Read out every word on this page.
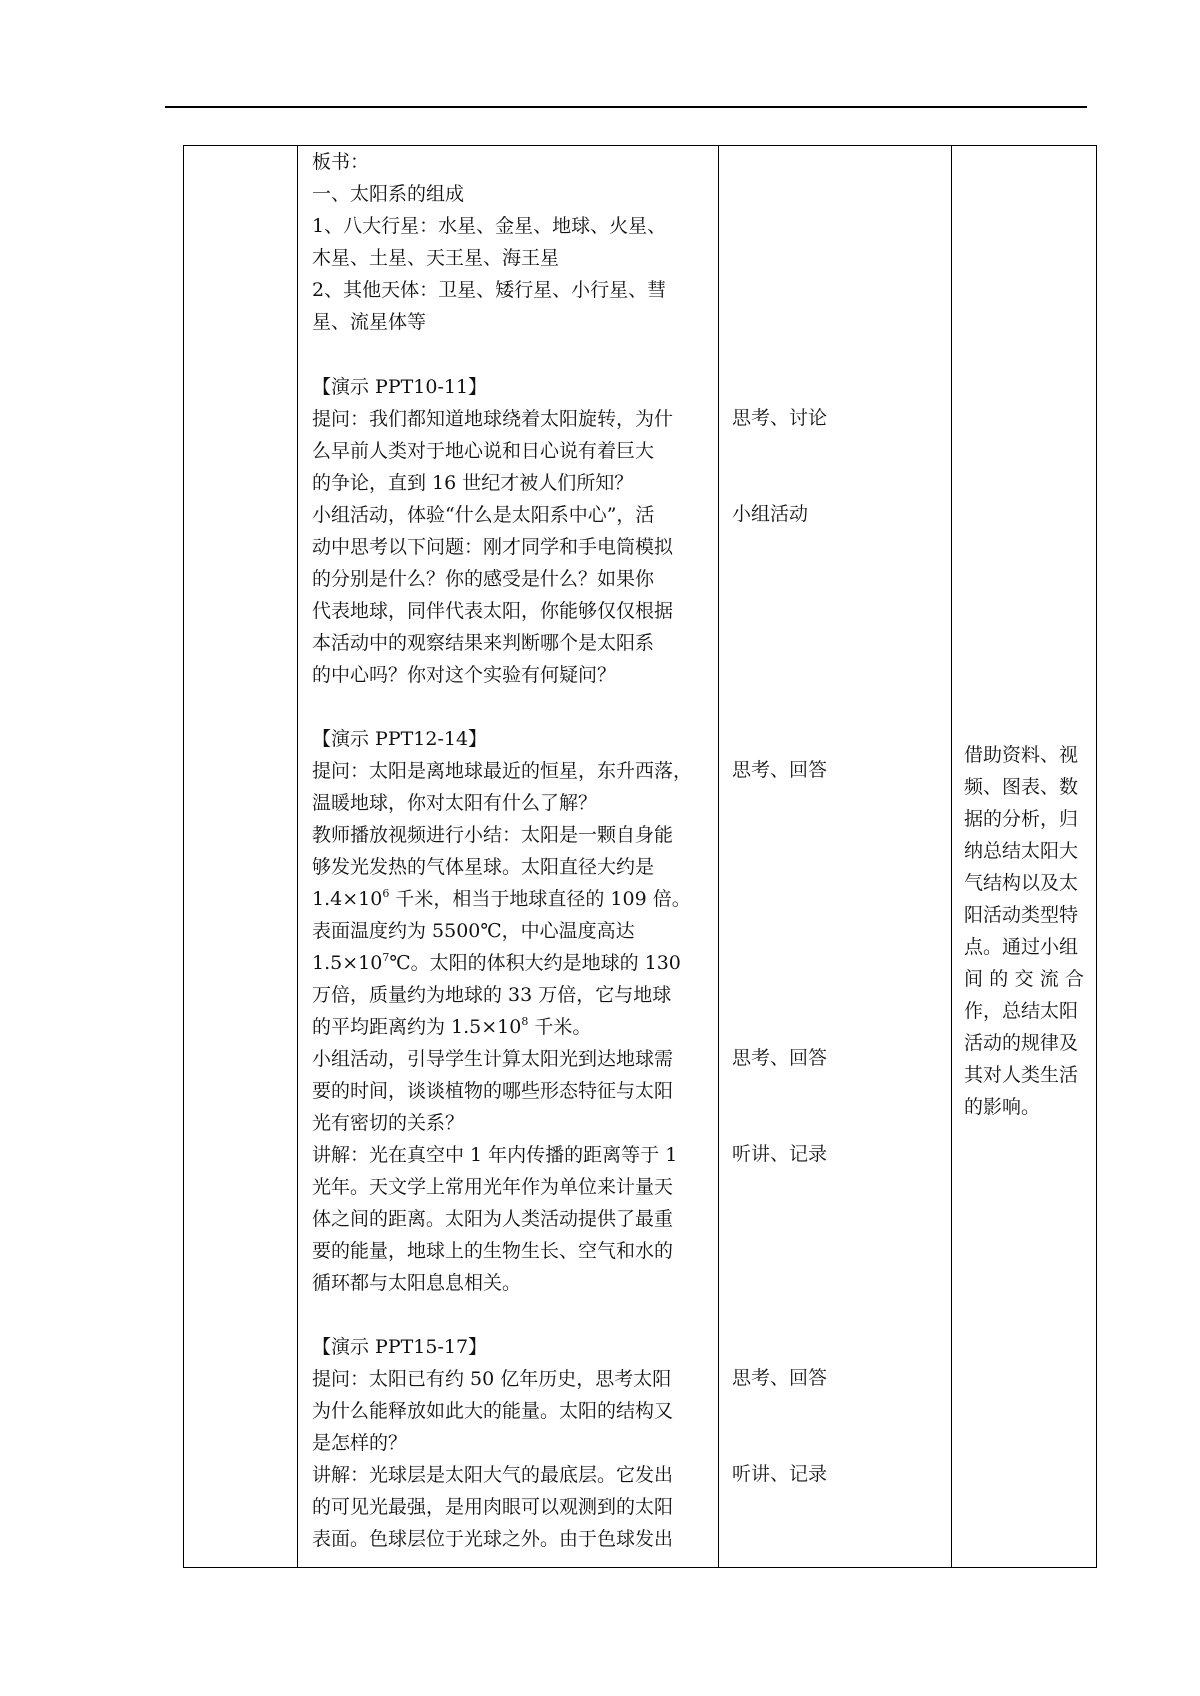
板书：
一、太阳系的组成
1、八大行星：水星、金星、地球、火星、
木星、土星、天王星、海王星
2、其他天体：卫星、矮行星、小行星、彗
星、流星体等
【演示 PPT10-11】
提问：我们都知道地球绕着太阳旋转，为什
么早前人类对于地心说和日心说有着巨大
的争论，直到 16 世纪才被人们所知？
小组活动，体验“什么是太阳系中心”，活
动中思考以下问题：刚才同学和手电筒模拟
的分别是什么？你的感受是什么？如果你
代表地球，同伴代表太阳，你能够仅仅根据
本活动中的观察结果来判断哪个是太阳系
的中心吗？你对这个实验有何疑问？
【演示 PPT12-14】
提问：太阳是离地球最近的恒星，东升西落，
温暖地球，你对太阳有什么了解？
教师播放视频进行小结：太阳是一颗自身能
够发光发热的气体星球。太阳直径大约是
$1.4\times 10^6$ 千米，相当于地球直径的 109 倍。
表面温度约为 5500℃，中心温度高达
$1.5\times 10^7℃$。太阳的体积大约是地球的 130
万倍，质量约为地球的 33 万倍，它与地球
的平均距离约为 $1.5\times 10^8$ 千米。
小组活动，引导学生计算太阳光到达地球需
要的时间，谈谈植物的哪些形态特征与太阳
光有密切的关系？
讲解：光在真空中 1 年内传播的距离等于 1
光年。天文学上常用光年作为单位来计量天
体之间的距离。太阳为人类活动提供了最重
要的能量，地球上的生物生长、空气和水的
循环都与太阳息息相关。
【演示 PPT15-17】
提问：太阳已有约 50 亿年历史，思考太阳
为什么能释放如此大的能量。太阳的结构又
是怎样的？
讲解：光球层是太阳大气的最底层。它发出
的可见光最强，是用肉眼可以观测到的太阳
表面。色球层位于光球之外。由于色球发出
思考、讨论
小组活动
思考、回答
思考、回答
听讲、记录
思考、回答
听讲、记录
借助资料、视
频、图表、数
据的分析，归
纳总结太阳大
气结构以及太
阳活动类型特
点。通过小组
间 的 交 流 合
作，总结太阳
活动的规律及
其对人类生活
的影响。
